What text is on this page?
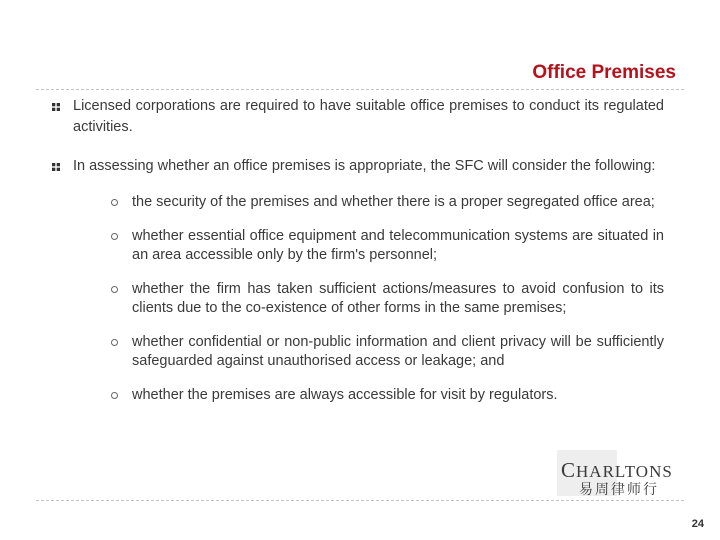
Office Premises
Licensed corporations are required to have suitable office premises to conduct its regulated activities.
In assessing whether an office premises is appropriate, the SFC will consider the following:
the security of the premises and whether there is a proper segregated office area;
whether essential office equipment and telecommunication systems are situated in an area accessible only by the firm's personnel;
whether the firm has taken sufficient actions/measures to avoid confusion to its clients due to the co-existence of other forms in the same premises;
whether confidential or non-public information and client privacy will be sufficiently safeguarded against unauthorised access or leakage; and
whether the premises are always accessible for visit by regulators.
CHARLTONS
易周律师行
24
